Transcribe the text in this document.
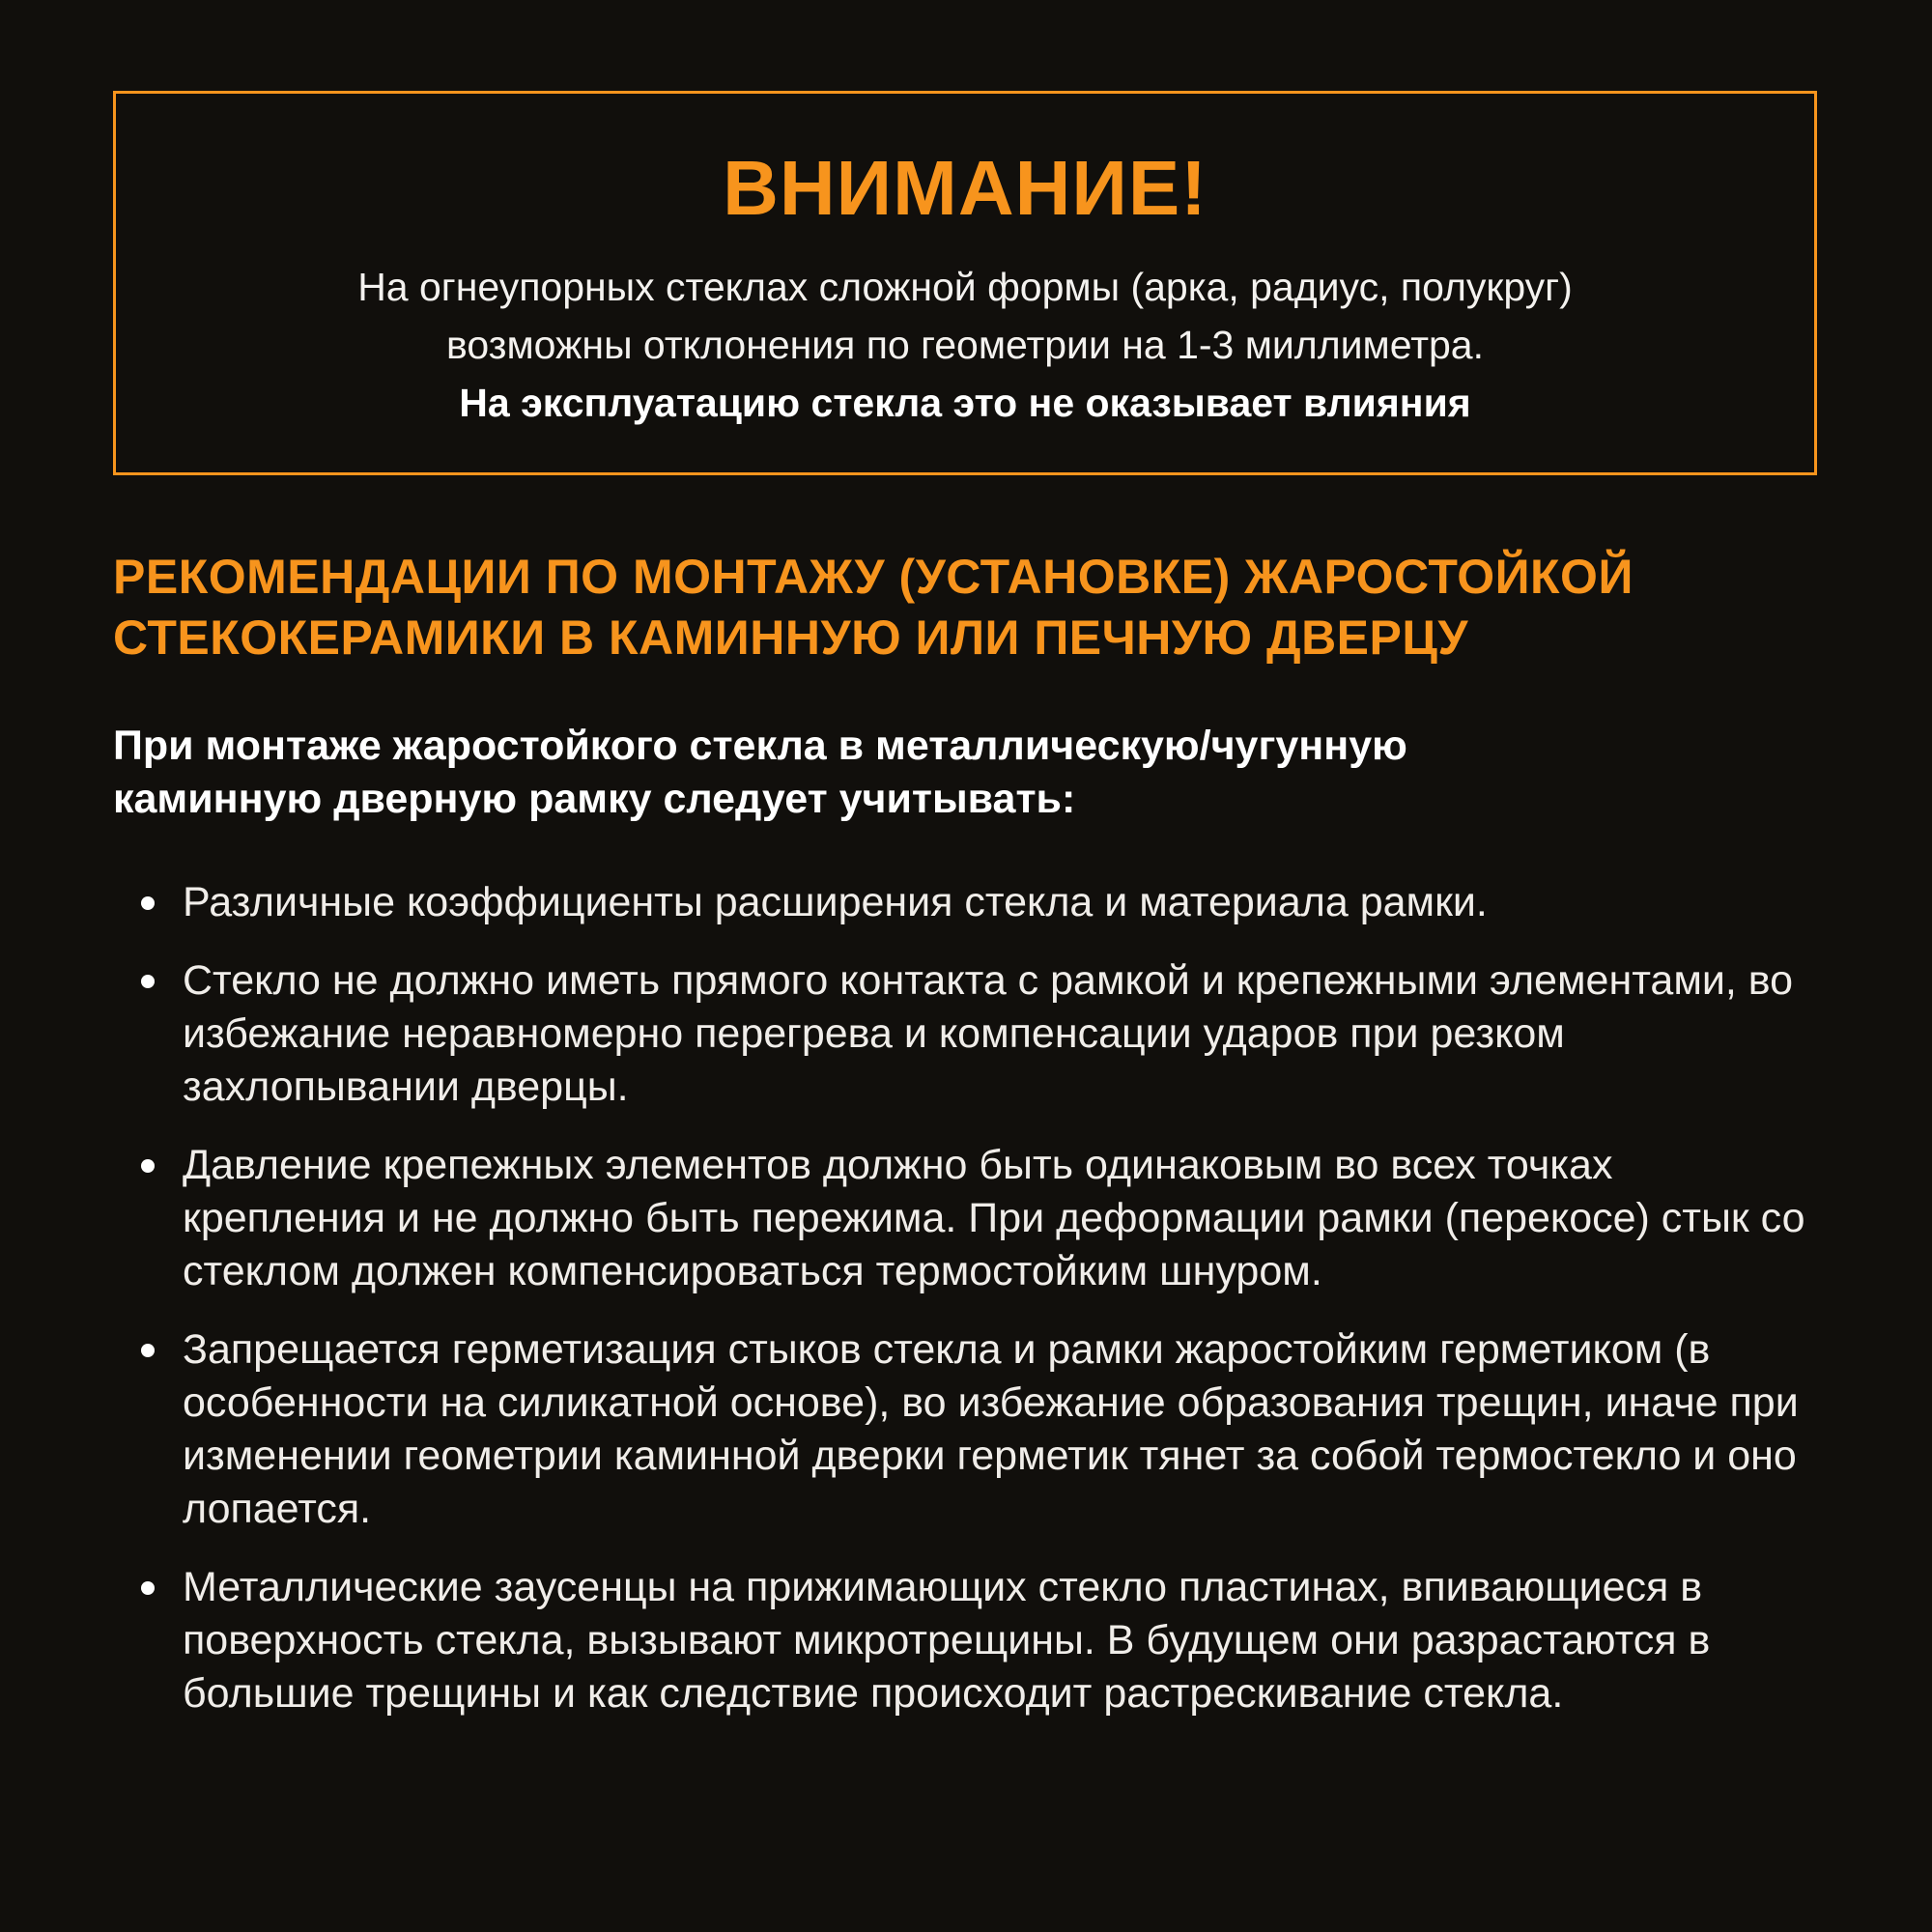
ВНИМАНИЕ!

На огнеупорных стеклах сложной формы (арка, радиус, полукруг)
возможны отклонения по геометрии на 1-3 миллиметра.

На эксплуатацию стекла это не оказывает влияния

РЕКОМЕНДАЦИИ ПО МОНТАЖУ (УСТАНОВКЕ) ЖАРОСТОЙКОЙ
СТЕКОКЕРАМИКИ В КАМИННУЮ ИЛИ ПЕЧНУЮ ДВЕРЦУ

При монтаже жаростойкого стекла в металлическую/чугунную
каминную дверную рамку следует учитывать:

Различные коэффициенты расширения стекла и материала рамки.
Стекло не должно иметь прямого контакта с рамкой и крепежными элементами, во избежание неравномерно перегрева и компенсации ударов при резком захлопывании дверцы.
Давление крепежных элементов должно быть одинаковым во всех точках крепления и не должно быть пережима. При деформации рамки (перекосе) стык со стеклом должен компенсироваться термостойким шнуром.
Запрещается герметизация стыков стекла и рамки жаростойким герметиком (в особенности на силикатной основе), во избежание образования трещин, иначе при изменении геометрии каминной дверки герметик тянет за собой термостекло и оно лопается.
Металлические заусенцы на прижимающих стекло пластинах, впивающиеся в поверхность стекла, вызывают микротрещины. В будущем они разрастаются в большие трещины и как следствие происходит растрескивание стекла.
